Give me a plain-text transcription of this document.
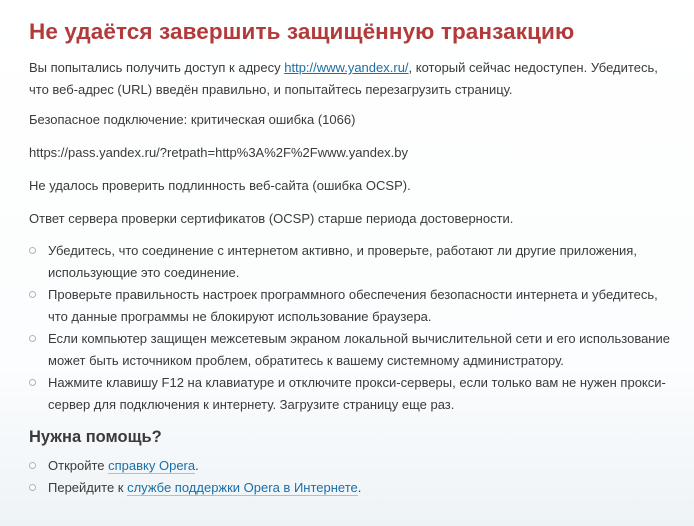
Не удаётся завершить защищённую транзакцию

Вы попытались получить доступ к адресу http://www.yandex.ru/, который сейчас недоступен. Убедитесь, что веб-адрес (URL) введён правильно, и попытайтесь перезагрузить страницу.

Безопасное подключение: критическая ошибка (1066)

https://pass.yandex.ru/?retpath=http%3A%2F%2Fwww.yandex.by

Не удалось проверить подлинность веб-сайта (ошибка OCSP).

Ответ сервера проверки сертификатов (OCSP) старше периода достоверности.

Убедитесь, что соединение с интернетом активно, и проверьте, работают ли другие приложения, использующие это соединение.
Проверьте правильность настроек программного обеспечения безопасности интернета и убедитесь, что данные программы не блокируют использование браузера.
Если компьютер защищен межсетевым экраном локальной вычислительной сети и его использование может быть источником проблем, обратитесь к вашему системному администратору.
Нажмите клавишу F12 на клавиатуре и отключите прокси-серверы, если только вам не нужен прокси-сервер для подключения к интернету. Загрузите страницу еще раз.
Нужна помощь?
Откройте справку Opera.
Перейдите к службе поддержки Opera в Интернете.
